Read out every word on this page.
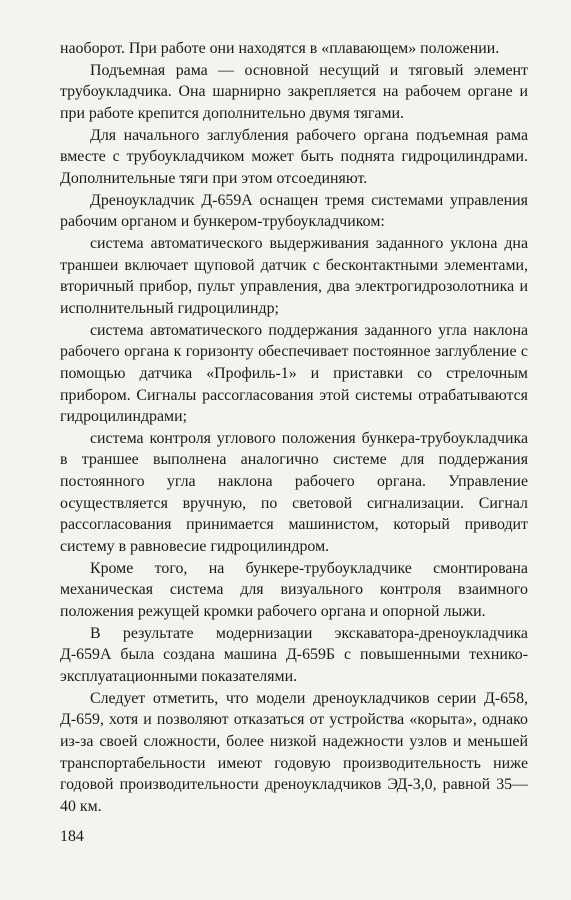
наоборот. При работе они находятся в «плавающем» положении.

Подъемная рама — основной несущий и тяговый элемент трубоукладчика. Она шарнирно закрепляется на рабочем органе и при работе крепится дополнительно двумя тягами.

Для начального заглубления рабочего органа подъемная рама вместе с трубоукладчиком может быть поднята гидроцилиндрами. Дополнительные тяги при этом отсоединяют.

Дреноукладчик Д-659А оснащен тремя системами управления рабочим органом и бункером-трубоукладчиком:

система автоматического выдерживания заданного уклона дна траншеи включает щуповой датчик с бесконтактными элементами, вторичный прибор, пульт управления, два электрогидрозолотника и исполнительный гидроцилиндр;

система автоматического поддержания заданного угла наклона рабочего органа к горизонту обеспечивает постоянное заглубление с помощью датчика «Профиль-1» и приставки со стрелочным прибором. Сигналы рассогласования этой системы отрабатываются гидроцилиндрами;

система контроля углового положения бункера-трубоукладчика в траншее выполнена аналогично системе для поддержания постоянного угла наклона рабочего органа. Управление осуществляется вручную, по световой сигнализации. Сигнал рассогласования принимается машинистом, который приводит систему в равновесие гидроцилиндром.

Кроме того, на бункере-трубоукладчике смонтирована механическая система для визуального контроля взаимного положения режущей кромки рабочего органа и опорной лыжи.

В результате модернизации экскаватора-дреноукладчика Д-659А была создана машина Д-659Б с повышенными технико-эксплуатационными показателями.

Следует отметить, что модели дреноукладчиков серии Д-658, Д-659, хотя и позволяют отказаться от устройства «корыта», однако из-за своей сложности, более низкой надежности узлов и меньшей транспортабельности имеют годовую производительность ниже годовой производительности дреноукладчиков ЭД-3,0, равной 35—40 км.

184
